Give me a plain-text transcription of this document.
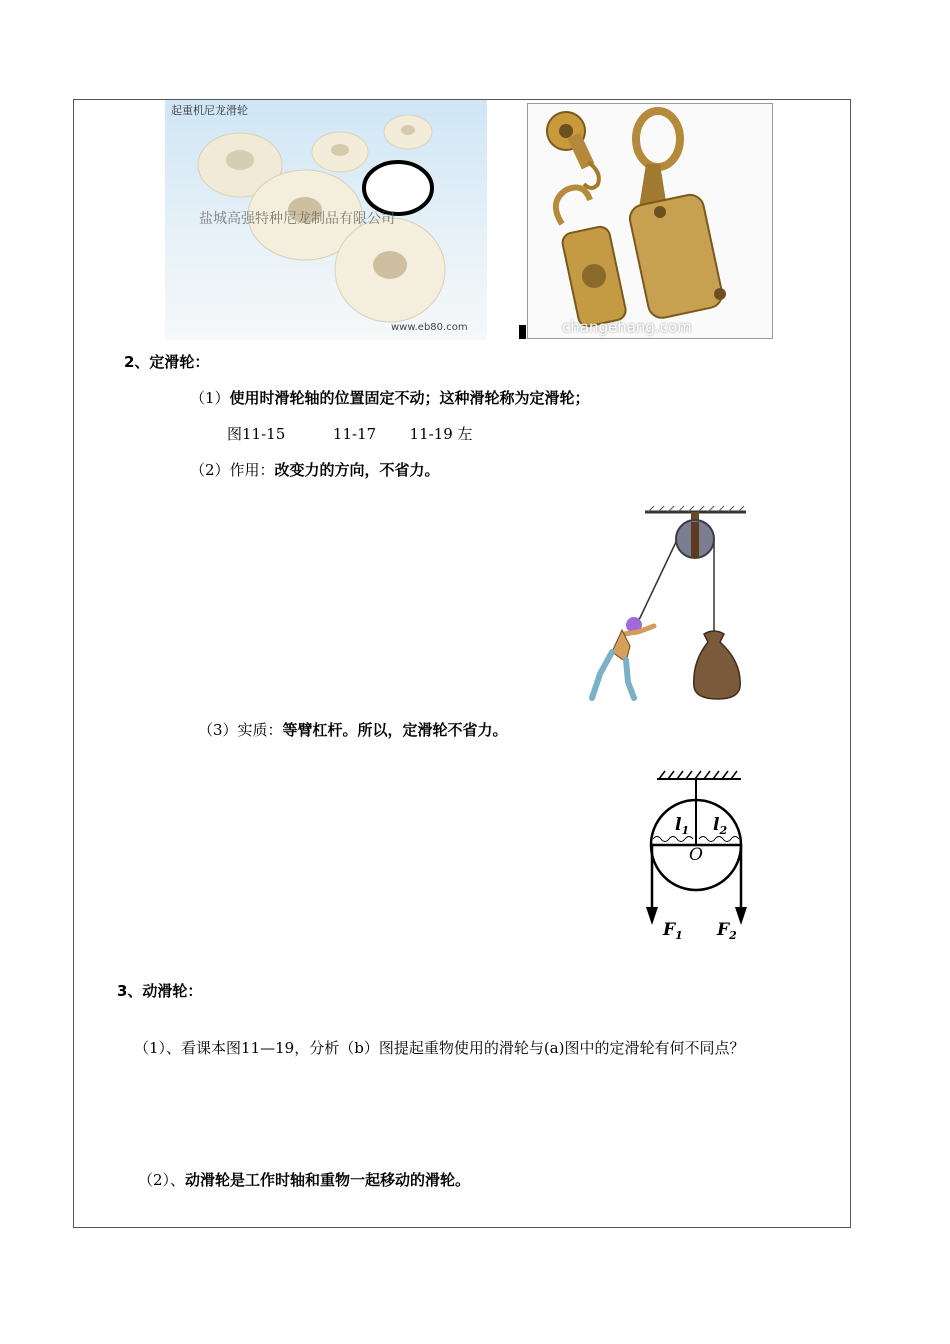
起重机尼龙滑轮
盐城高强特种尼龙制品有限公司
www.eb80.com	changehang.com
2、定滑轮：
（1）使用时滑轮轴的位置固定不动；这种滑轮称为定滑轮；
图11-15          11-17       11-19 左
（2）作用：改变力的方向，不省力。
（3）实质：等臂杠杆。所以，定滑轮不省力。
$l_1$ $l_2$
O
$F_1$ $F_2$
3、动滑轮：
（1）、看课本图11—19，分析（b）图提起重物使用的滑轮与(a)图中的定滑轮有何不同点？
（2）、动滑轮是工作时轴和重物一起移动的滑轮。
